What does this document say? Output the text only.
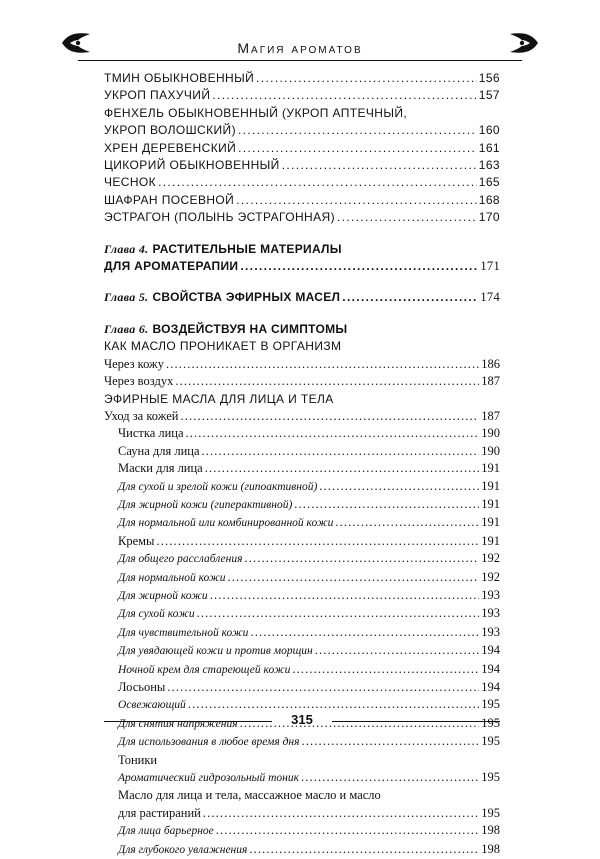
Магия ароматов
ТМИН ОБЫКНОВЕННЫЙ . . .	156
УКРОП ПАХУЧИЙ . . .	157
ФЕНХЕЛЬ ОБЫКНОВЕННЫЙ (УКРОП АПТЕЧНЫЙ,
УКРОП ВОЛОШСКИЙ) . . .	160
ХРЕН ДЕРЕВЕНСКИЙ . . .	161
ЦИКОРИЙ ОБЫКНОВЕННЫЙ . . .	163
ЧЕСНОК . . .	165
ШАФРАН ПОСЕВНОЙ . . .	168
ЭСТРАГОН (ПОЛЫНЬ ЭСТРАГОННАЯ) . . .	170
Глава 4. РАСТИТЕЛЬНЫЕ МАТЕРИАЛЫ
ДЛЯ АРОМАТЕРАПИИ . . .	171
Глава 5. СВОЙСТВА ЭФИРНЫХ МАСЕЛ . . .	174
Глава 6. ВОЗДЕЙСТВУЯ НА СИМПТОМЫ
КАК МАСЛО ПРОНИКАЕТ В ОРГАНИЗМ
Через кожу . . .	186
Через воздух . . .	187
ЭФИРНЫЕ МАСЛА ДЛЯ ЛИЦА И ТЕЛА
Уход за кожей . . .	187
Чистка лица . . .	190
Сауна для лица . . .	190
Маски для лица . . .	191
Для сухой и зрелой кожи (гипоактивной) . . .	191
Для жирной кожи (гиперактивной) . . .	191
Для нормальной или комбинированной кожи . . .	191
Кремы . . .	191
Для общего расслабления . . .	192
Для нормальной кожи . . .	192
Для жирной кожи . . .	193
Для сухой кожи . . .	193
Для чувствительной кожи . . .	193
Для увядающей кожи и против морщин . . .	194
Ночной крем для стареющей кожи . . .	194
Лосьоны . . .	194
Освежающий . . .	195
Для снятия напряжения . . .	195
Для использования в любое время дня . . .	195
Тоники
Ароматический гидрозольный тоник . . .	195
Масло для лица и тела, массажное масло и масло
для растираний . . .	195
Для лица барьерное . . .	198
Для глубокого увлажнения . . .	198
315
